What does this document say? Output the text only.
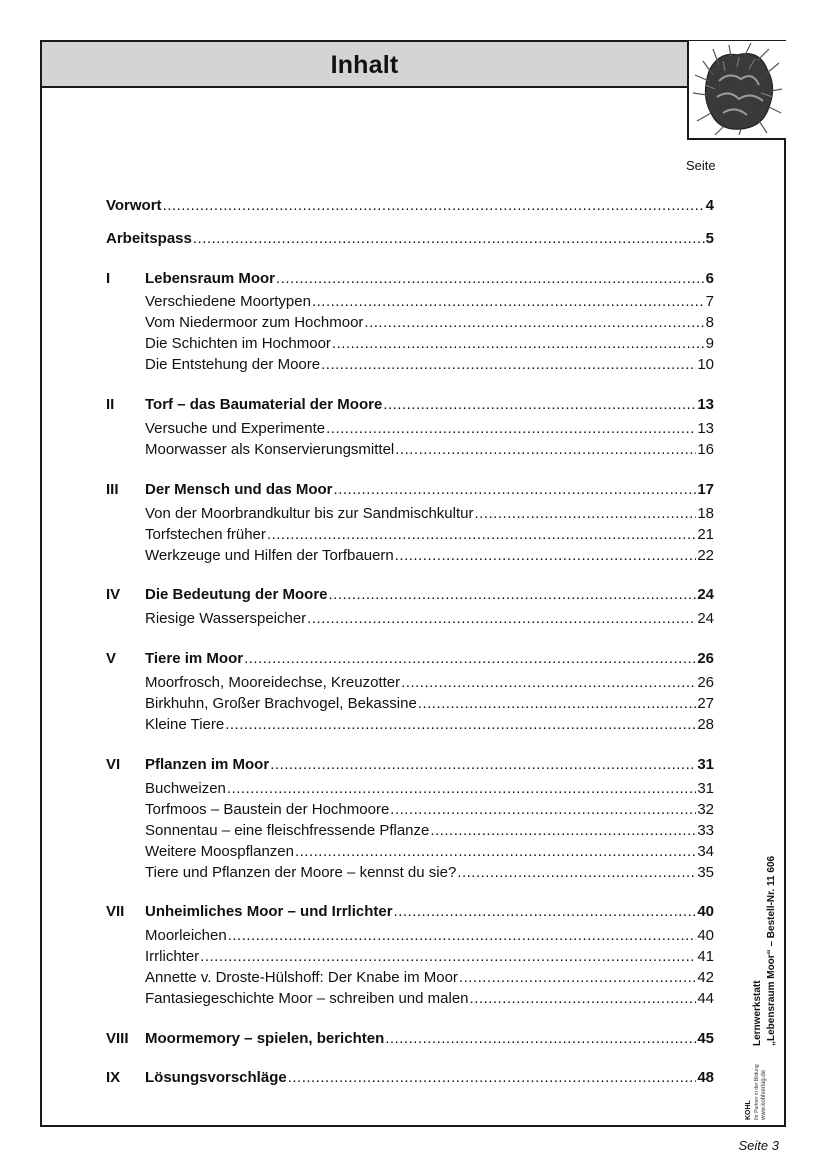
Inhalt
Seite
Vorwort .....	4
Arbeitspass .....	5
I Lebensraum Moor .....	6
Verschiedene Moortypen .....	7
Vom Niedermoor zum Hochmoor .....	8
Die Schichten im Hochmoor .....	9
Die Entstehung der Moore .....	10
II Torf – das Baumaterial der Moore .....	13
Versuche und Experimente .....	13
Moorwasser als Konservierungsmittel .....	16
III Der Mensch und das Moor .....	17
Von der Moorbrandkultur bis zur Sandmischkultur .....	18
Torfstechen früher .....	21
Werkzeuge und Hilfen der Torfbauern .....	22
IV Die Bedeutung der Moore .....	24
Riesige Wasserspeicher .....	24
V Tiere im Moor .....	26
Moorfrosch, Mooreidechse, Kreuzotter .....	26
Birkhuhn, Großer Brachvogel, Bekassine .....	27
Kleine Tiere .....	28
VI Pflanzen im Moor .....	31
Buchweizen .....	31
Torfmoos – Baustein der Hochmoore .....	32
Sonnentau – eine fleischfressende Pflanze .....	33
Weitere Moospflanzen .....	34
Tiere und Pflanzen der Moore – kennst du sie? .....	35
VII Unheimliches Moor – und Irrlichter .....	40
Moorleichen .....	40
Irrlichter .....	41
Annette v. Droste-Hülshoff: Der Knabe im Moor .....	42
Fantasiegeschichte Moor – schreiben und malen .....	44
VIII Moormemory – spielen, berichten .....	45
IX Lösungsvorschläge .....	48
Lernwerkstatt „Lebensraum Moor“ – Bestell-Nr. 11 606
KOHL Ihr Partner in der Bildung www.kohlverlag.de
Seite 3
